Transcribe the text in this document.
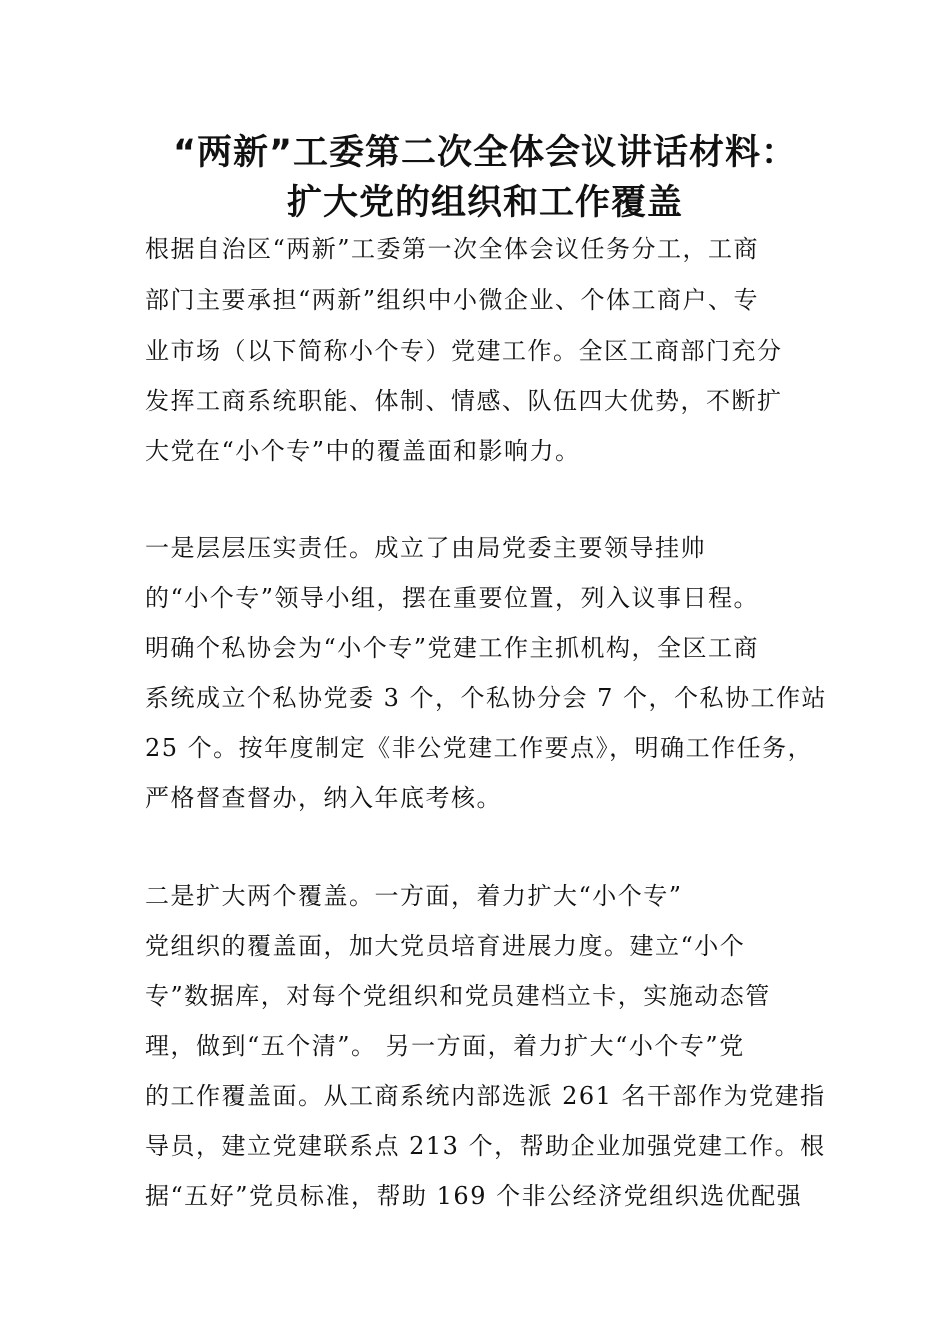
“两新”工委第二次全体会议讲话材料：
扩大党的组织和工作覆盖

根据自治区“两新”工委第一次全体会议任务分工，工商

部门主要承担“两新”组织中小微企业、个体工商户、专

业市场（以下简称小个专）党建工作。全区工商部门充分

发挥工商系统职能、体制、情感、队伍四大优势，不断扩

大党在“小个专”中的覆盖面和影响力。

一是层层压实责任。成立了由局党委主要领导挂帅

的“小个专”领导小组，摆在重要位置，列入议事日程。

明确个私协会为“小个专”党建工作主抓机构，全区工商

系统成立个私协党委 3 个，个私协分会 7 个，个私协工作站

25 个。按年度制定《非公党建工作要点》，明确工作任务，

严格督查督办，纳入年底考核。

二是扩大两个覆盖。一方面，着力扩大“小个专”

党组织的覆盖面，加大党员培育进展力度。建立“小个

专”数据库，对每个党组织和党员建档立卡，实施动态管

理，做到“五个清”。 另一方面，着力扩大“小个专”党

的工作覆盖面。从工商系统内部选派 261 名干部作为党建指

导员，建立党建联系点 213 个，帮助企业加强党建工作。根

据“五好”党员标准，帮助 169 个非公经济党组织选优配强
